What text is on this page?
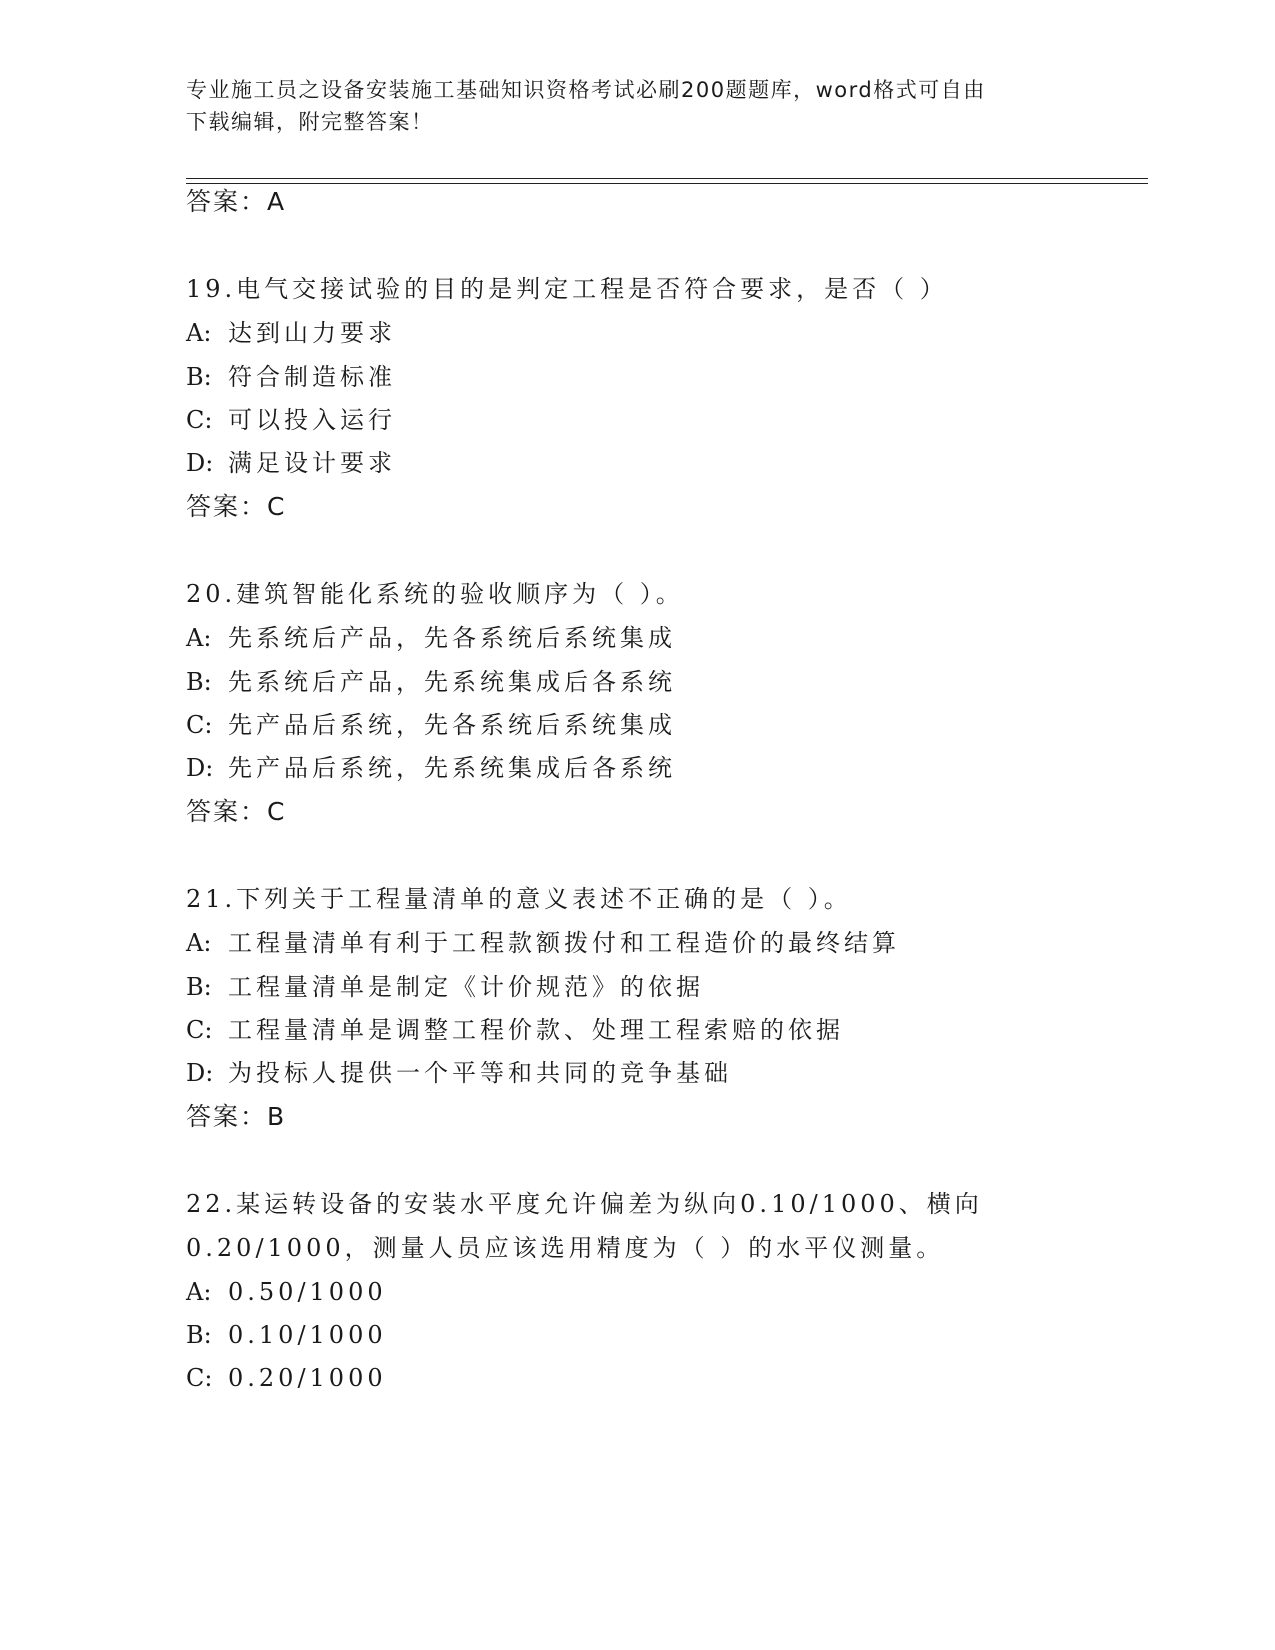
专业施工员之设备安装施工基础知识资格考试必刷200题题库，word格式可自由
下载编辑，附完整答案！
答案：A
19.电气交接试验的目的是判定工程是否符合要求，是否（ ）
A: 达到山力要求
B: 符合制造标准
C: 可以投入运行
D: 满足设计要求
答案：C
20.建筑智能化系统的验收顺序为（ ）。
A: 先系统后产品，先各系统后系统集成
B: 先系统后产品，先系统集成后各系统
C: 先产品后系统，先各系统后系统集成
D: 先产品后系统，先系统集成后各系统
答案：C
21.下列关于工程量清单的意义表述不正确的是（ ）。
A: 工程量清单有利于工程款额拨付和工程造价的最终结算
B: 工程量清单是制定《计价规范》的依据
C: 工程量清单是调整工程价款、处理工程索赔的依据
D: 为投标人提供一个平等和共同的竞争基础
答案：B
22.某运转设备的安装水平度允许偏差为纵向0.10/1000、横向
0.20/1000，测量人员应该选用精度为（ ）的水平仪测量。
A: 0.50/1000
B: 0.10/1000
C: 0.20/1000
